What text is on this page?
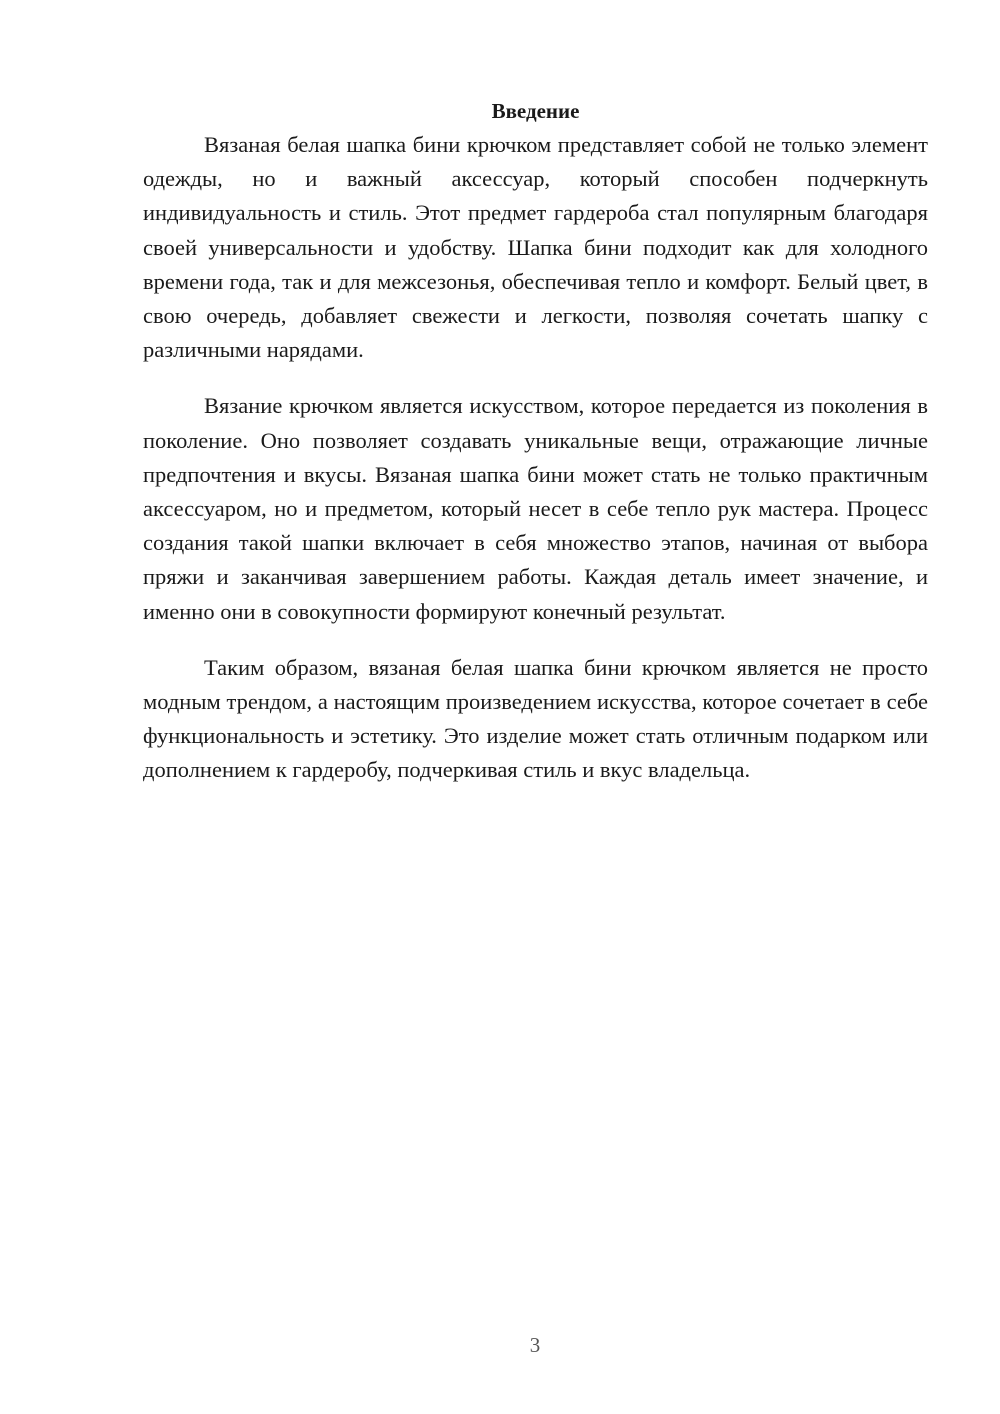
Введение

Вязаная белая шапка бини крючком представляет собой не только элемент одежды, но и важный аксессуар, который способен подчеркнуть индивидуальность и стиль. Этот предмет гардероба стал популярным благодаря своей универсальности и удобству. Шапка бини подходит как для холодного времени года, так и для межсезонья, обеспечивая тепло и комфорт. Белый цвет, в свою очередь, добавляет свежести и легкости, позволяя сочетать шапку с различными нарядами.

Вязание крючком является искусством, которое передается из поколения в поколение. Оно позволяет создавать уникальные вещи, отражающие личные предпочтения и вкусы. Вязаная шапка бини может стать не только практичным аксессуаром, но и предметом, который несет в себе тепло рук мастера. Процесс создания такой шапки включает в себя множество этапов, начиная от выбора пряжи и заканчивая завершением работы. Каждая деталь имеет значение, и именно они в совокупности формируют конечный результат.

Таким образом, вязаная белая шапка бини крючком является не просто модным трендом, а настоящим произведением искусства, которое сочетает в себе функциональность и эстетику. Это изделие может стать отличным подарком или дополнением к гардеробу, подчеркивая стиль и вкус владельца.

3
